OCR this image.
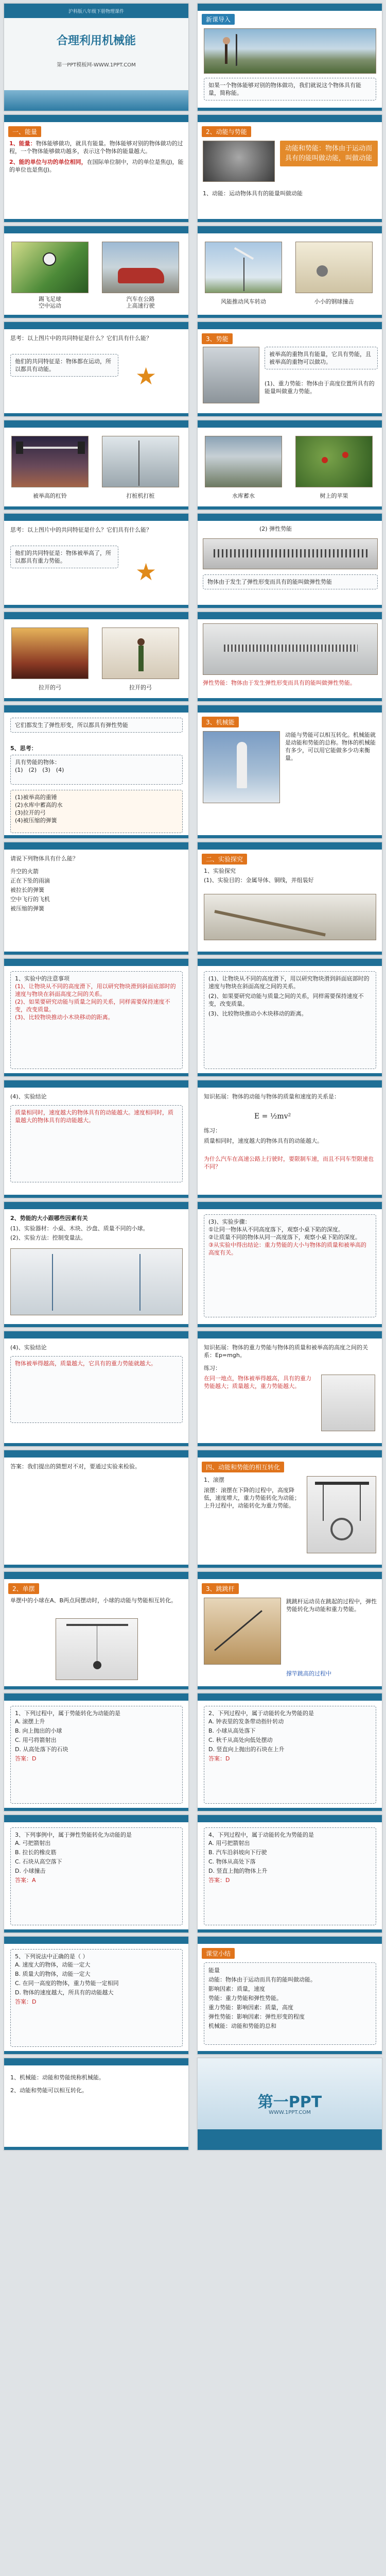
沪科版八年级下册物理课件
合理利用机械能
第一PPT模板网-WWW.1PPT.COM
新课导入
如果一个物体能够对别的物体做功，我们就说这个物体具有能量，简称能。
一、能量
1、能量：物体能够做功，就具有能量。物体能够对别的物体做功的过程，一个物体能够做功越多，表示这个物体的能量越大。
2、能的单位与功的单位相同，在国际单位制中，功的单位是焦(J)，能的单位也是焦(J)。
2、动能与势能
动能和势能：物体由于运动而具有的能叫做动能，叫做动能
1、动能：运动物体具有的能量叫做动能
踢飞足球
空中运动
汽车在公路
上高速行驶
风能推动风车转动	小小的钢球撞击
思考：以上图片中的共同特征是什么？它们具有什么能？
他们的共同特征是：物体都在运动，所以都具有动能。	★
3、势能
被举高的重物具有能量，它具有势能，且被举高的重物可以做功。
(1)、重力势能：物体由于高度位置所具有的能量叫做重力势能。
被举高的杠铃	打桩机打桩	水库蓄水	树上的苹果
思考：以上图片中的共同特征是什么？它们具有什么能？
他们的共同特征是：物体被举高了，所以都具有重力势能。	★
(2) 弹性势能
物体由于发生了弹性形变而具有的能叫做弹性势能
拉开的弓	拉开的弓
弹性势能：物体由于发生弹性形变而具有的能叫做弹性势能。
它们都发生了弹性形变，所以都具有弹性势能
5、思考：
具有势能的物体：
(1)　 (2)　 (3)　 (4)
(1)被举高的重锤
(2)水库中蓄高的水
(3)拉开的弓
(4)被压缩的弹簧
3、机械能
动能与势能可以相互转化。机械能就是动能和势能的总称。物体的机械能有多少，可以用它能做多少功来衡量。
请说下列物体具有什么能？
升空的火箭
正在下坠的雨滴
被拉长的弹簧
空中飞行的飞机
被压缩的弹簧
二、实验探究
1、实验探究
(1)、实验目的：金属导体、铜线，并组装好
1、实验中的注意事项
(1)、让物块从不同的高度滑下，用以研究物块滑到斜面底部时的速度与物块在斜面高度之间的关系。
(2)、如果要研究动能与质量之间的关系，同样需要保持速度不变，改变质量。
(3)、比较物块推动小木块移动的距离。
(1)、让物块从不同的高度滑下，用以研究物块滑到斜面底部时的速度与物块在斜面高度之间的关系。
(2)、如果要研究动能与质量之间的关系，同样需要保持速度不变，改变质量。
(3)、比较物块推动小木块移动的距离。
(4)、实验结论
质量相同时，速度越大的物体具有的动能越大。速度相同时，质量越大的物体具有的动能越大。
知识拓展：物体的动能与物体的质量和速度的关系是：
E = ½mv²
练习：
质量相同时，速度越大的物体具有的动能越大。
为什么汽车在高速公路上行驶时，要限制车速，而且不同车型限速也不同？
2、势能的大小跟哪些因素有关
(1)、实验器材：小桌、木块、沙盘、质量不同的小球。
(2)、实验方法：控制变量法。
(3)、实验步骤：
①让同一物体从不同高度落下，观察小桌下陷的深度。
②让质量不同的物体从同一高度落下，观察小桌下陷的深度。
③从实验中得出结论：重力势能的大小与物体的质量和被举高的高度有关。
(4)、实验结论
物体被举得越高，质量越大，它具有的重力势能就越大。
知识拓展：物体的重力势能与物体的质量和被举高的高度之间的关系：Ep=mgh。
练习：
在同一地点，物体被举得越高，具有的重力势能越大；质量越大，重力势能越大。
答案：我们提出的猜想对不对，要通过实验来检验。	四、动能和势能的相互转化
1、滚摆
滚摆：滚摆在下降的过程中，高度降低，速度增大，重力势能转化为动能；上升过程中，动能转化为重力势能。
2、单摆
单摆中的小球在A、B两点间摆动时，小球的动能与势能相互转化。
3、跳跳杆
跳跳杆运动员在跳起的过程中，弹性势能转化为动能和重力势能。
撑竿跳高的过程中
1、下列过程中，属于势能转化为动能的是
A. 滚摆上升
B. 向上抛出的小球
C. 用弓将箭射出
D. 从高处落下的石块
答案：D
2、下列过程中，属于动能转化为势能的是
A. 钟表里的发条带动指针转动
B. 小球从高处落下
C. 秋千从高处向低处摆动
D. 竖直向上抛出的石块在上升
答案：D
3、下列事例中，属于弹性势能转化为动能的是
A. 弓把箭射出
B. 拉长的橡皮筋
C. 石块从高空落下
D. 小球撞击
答案：A
4、下列过程中，属于动能转化为势能的是
A. 用弓把箭射出
B. 汽车沿斜坡向下行驶
C. 物体从高处下落
D. 竖直上抛的物体上升
答案：D
5、下列说法中正确的是（ ）
A. 速度大的物体，动能一定大
B. 质量大的物体，动能一定大
C. 在同一高度的物体，重力势能一定相同
D. 物体的速度越大，所具有的动能越大
答案：D
课堂小结
能量
动能：物体由于运动而具有的能叫做动能。
影响因素：质量，速度
势能：重力势能和弹性势能。
重力势能：影响因素：质量，高度
弹性势能：影响因素：弹性形变的程度
机械能：动能和势能的总和
1、机械能：动能和势能统称机械能。
2、动能和势能可以相互转化。
第一PPT
WWW.1PPT.COM
